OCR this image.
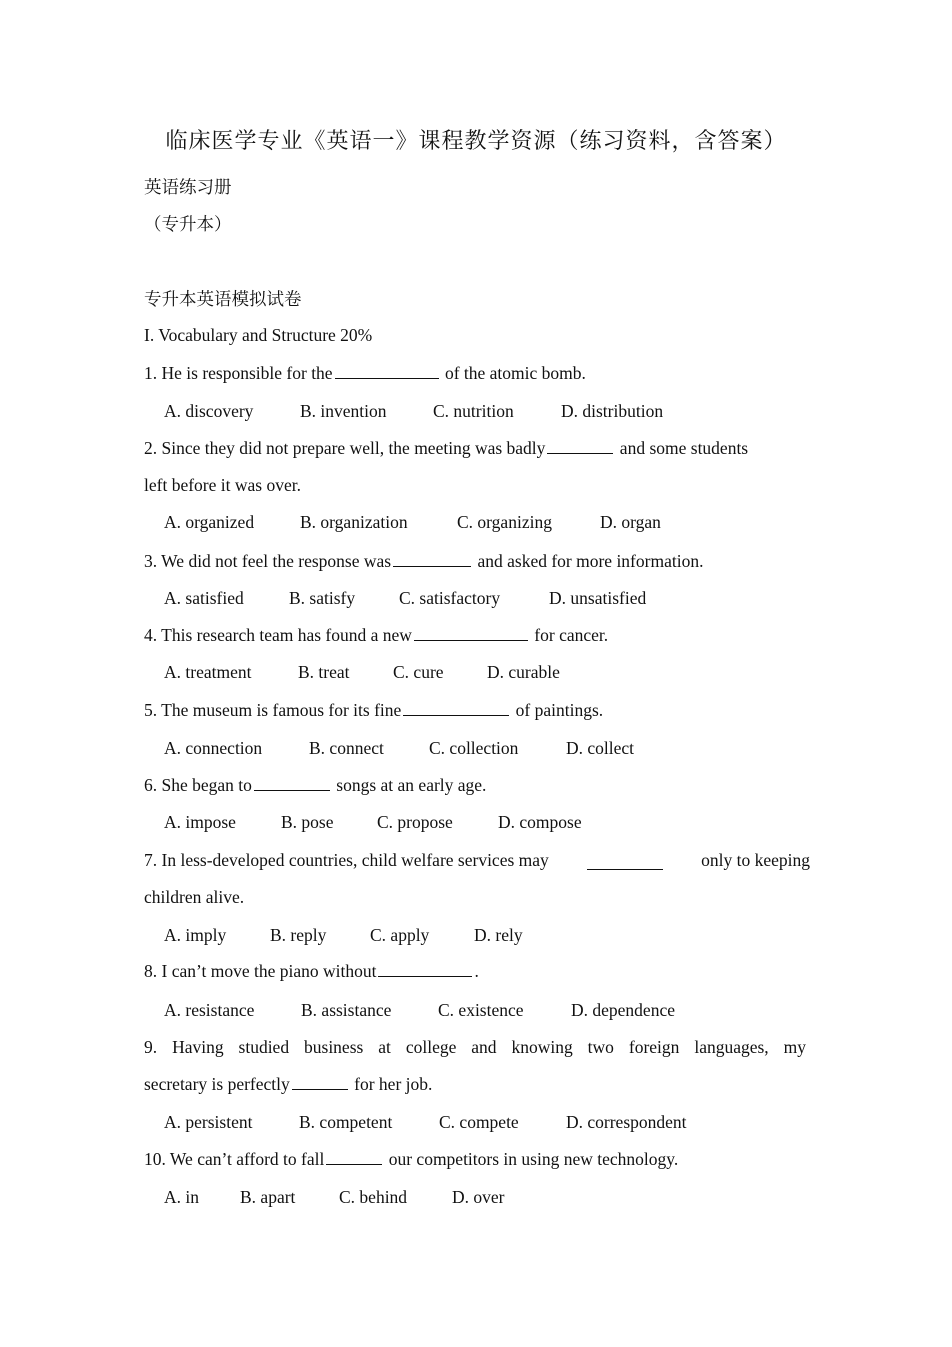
临床医学专业《英语一》课程教学资源（练习资料，含答案）
英语练习册
（专升本）
专升本英语模拟试卷
I. Vocabulary and Structure 20%
1. He is responsible for the	of the atomic bomb.
A. discovery	B. invention	C. nutrition	D. distribution
2. Since they did not prepare well, the meeting was badly	and some students
left before it was over.
A. organized	B. organization	C. organizing	D. organ
3. We did not feel the response was	and asked for more information.
A. satisfied	B. satisfy	C. satisfactory	D. unsatisfied
4. This research team has found a new	for cancer.
A. treatment	B. treat C. cure D. curable
5. The museum is famous for its fine	of paintings.
A. connection	B. connect	C. collection	D. collect
6. She began to	songs at an early age.
A. impose	B. pose C. propose	D. compose
7. In less-developed countries, child welfare services may	only to keeping
children alive.
A. imply	B. reply C. apply	D. rely
8. I can’t move the piano without	.
A. resistance	B. assistance	C. existence	D. dependence
9. Having studied business at college and knowing two foreign languages, my
secretary is perfectly	for her job.
A. persistent	B. competent	C. compete	D. correspondent
10. We can’t afford to fall	our competitors in using new technology.
A. in B. apart C. behind	D. over
